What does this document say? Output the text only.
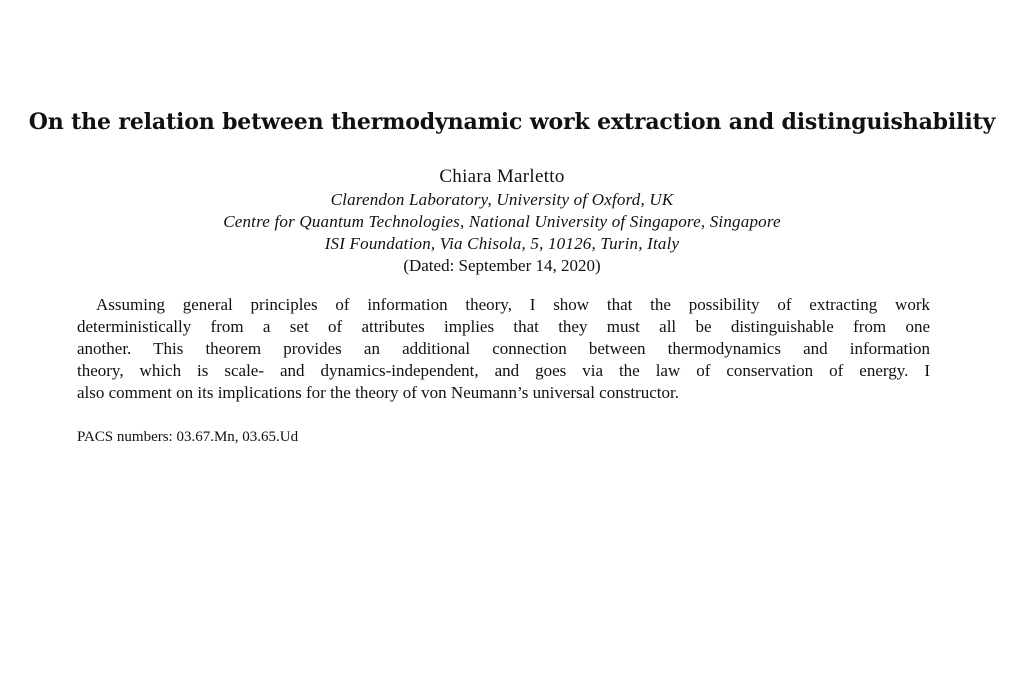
On the relation between thermodynamic work extraction and distinguishability
Chiara Marletto
Clarendon Laboratory, University of Oxford, UK
Centre for Quantum Technologies, National University of Singapore, Singapore
ISI Foundation, Via Chisola, 5, 10126, Turin, Italy
(Dated: September 14, 2020)
Assuming general principles of information theory, I show that the possibility of extracting work
deterministically from a set of attributes implies that they must all be distinguishable from one
another. This theorem provides an additional connection between thermodynamics and information
theory, which is scale- and dynamics-independent, and goes via the law of conservation of energy. I
also comment on its implications for the theory of von Neumann’s universal constructor.
PACS numbers: 03.67.Mn, 03.65.Ud
